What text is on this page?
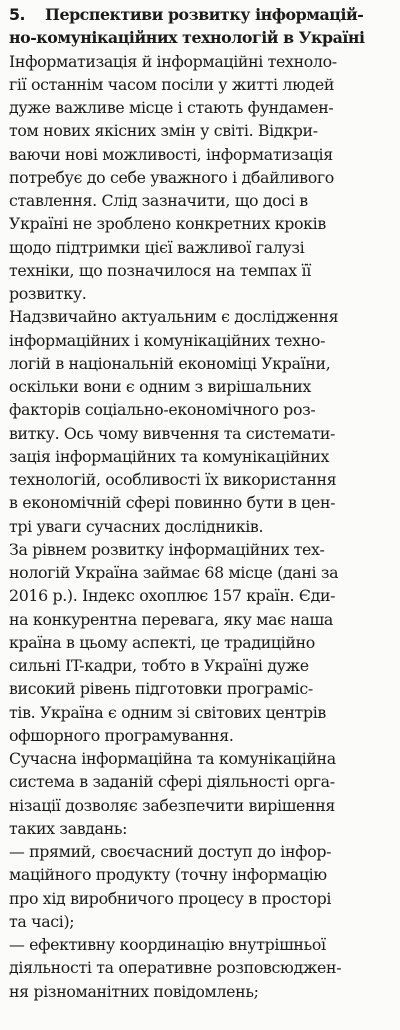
5. Перспективи розвитку інформацій-
но-комунікаційних технологій в Україні
Інформатизація й інформаційні техноло-
гії останнім часом посіли у житті людей
дуже важливе місце і стають фундамен-
том нових якісних змін у світі. Відкри-
ваючи нові можливості, інформатизація
потребує до себе уважного і дбайливого
ставлення. Слід зазначити, що досі в
Україні не зроблено конкретних кроків
щодо підтримки цієї важливої галузі
техніки, що позначилося на темпах її
розвитку.
Надзвичайно актуальним є дослідження
інформаційних і комунікаційних техно-
логій в національній економіці України,
оскільки вони є одним з вирішальних
факторів соціально-економічного роз-
витку. Ось чому вивчення та системати-
зація інформаційних та комунікаційних
технологій, особливості їх використання
в економічній сфері повинно бути в цен-
трі уваги сучасних дослідників.
За рівнем розвитку інформаційних тех-
нологій Україна займає 68 місце (дані за
2016 р.). Індекс охоплює 157 країн. Єди-
на конкурентна перевага, яку має наша
країна в цьому аспекті, це традиційно
сильні IT-кадри, тобто в Україні дуже
високий рівень підготовки програміс-
тів. Україна є одним зі світових центрів
офшорного програмування.
Сучасна інформаційна та комунікаційна
система в заданій сфері діяльності орга-
нізації дозволяє забезпечити вирішення
таких завдань:
— прямий, своєчасний доступ до інфор-
маційного продукту (точну інформацію
про хід виробничого процесу в просторі
та часі);
— ефективну координацію внутрішньої
діяльності та оперативне розповсюджен-
ня різноманітних повідомлень;
